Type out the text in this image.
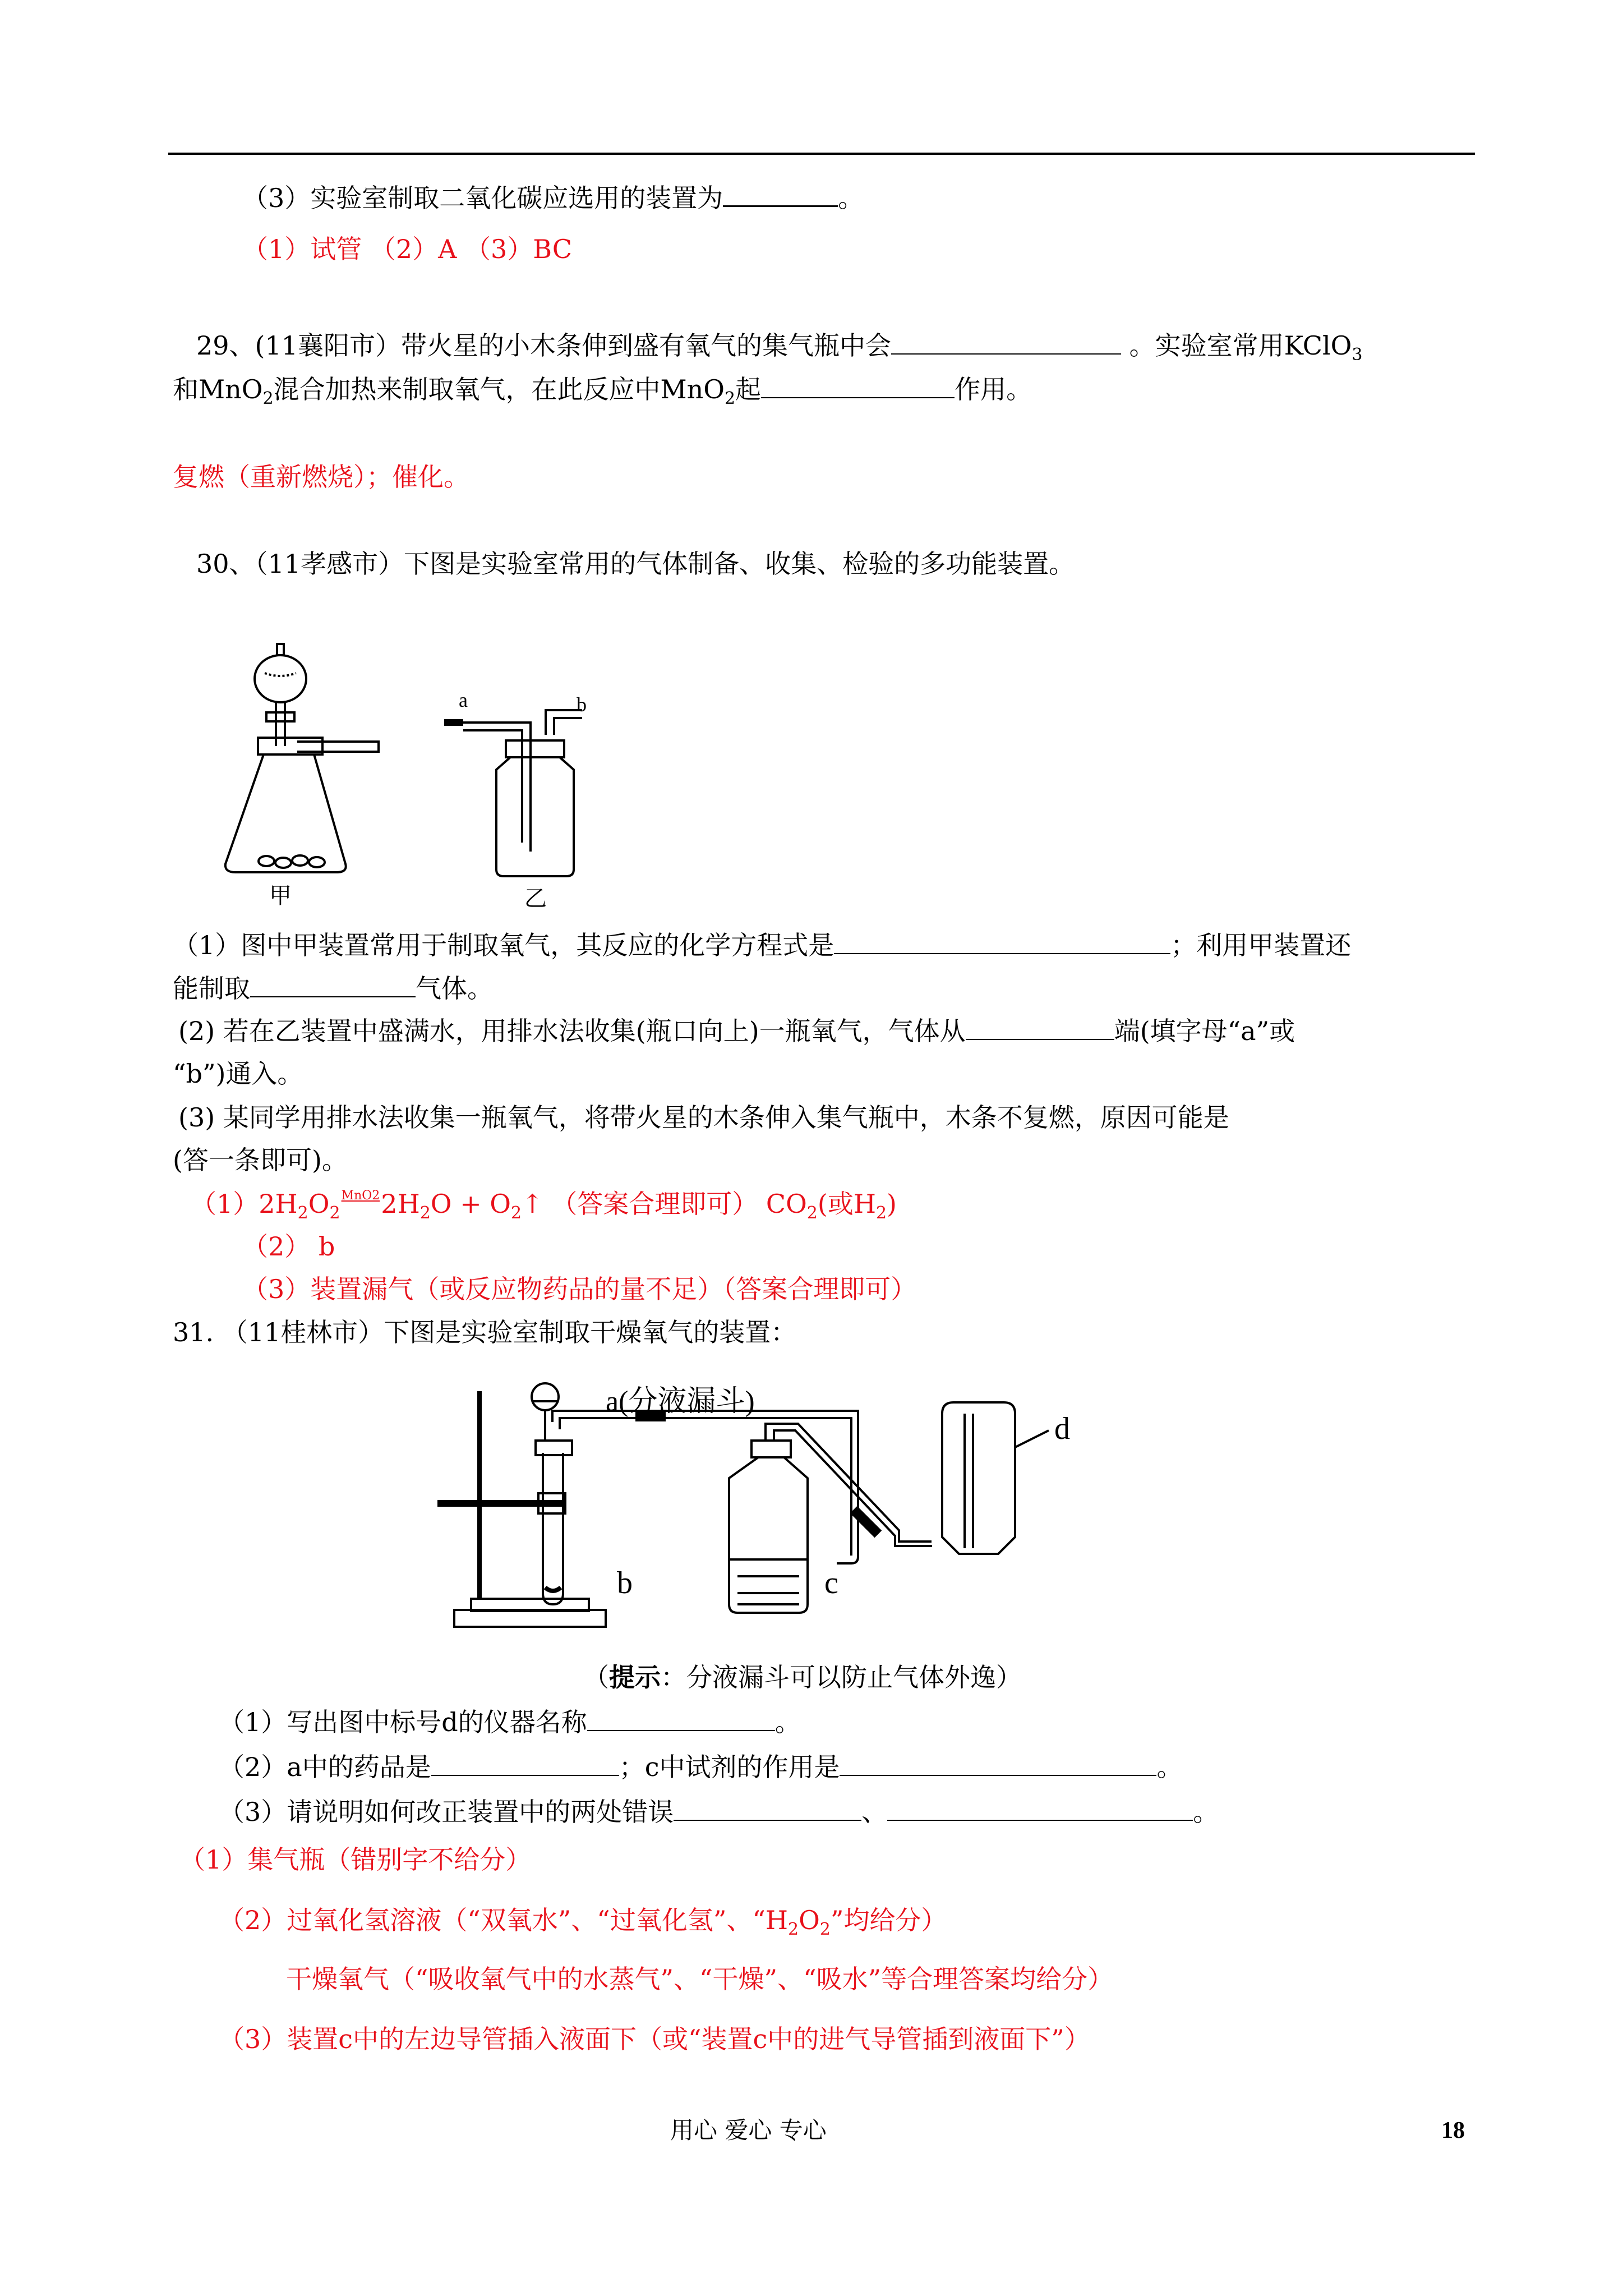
（3）实验室制取二氧化碳应选用的装置为	。
（1）试管 （2）A （3）BC
29、(11襄阳市）带火星的小木条伸到盛有氧气的集气瓶中会	。实验室常用KClO$_3$
和MnO$_2$混合加热来制取氧气，在此反应中MnO$_2$起	作用。
复燃（重新燃烧）；催化。
30、（11孝感市）下图是实验室常用的气体制备、收集、检验的多功能装置。
甲
a	b
乙
（1）图中甲装置常用于制取氧气，其反应的化学方程式是	；利用甲装置还
能制取	气体。
(2) 若在乙装置中盛满水，用排水法收集(瓶口向上)一瓶氧气，气体从	端(填字母“a”或
“b”)通入。
(3) 某同学用排水法收集一瓶氧气，将带火星的木条伸入集气瓶中，木条不复燃，原因可能是
(答一条即可)。
$(1)2H_2O_2MnO22H_2O$ + $O_2↑$ （答案合理即可） $CO_2$(或$H_2$)
（2） b
（3）装置漏气（或反应物药品的量不足）（答案合理即可）
31. （11桂林市）下图是实验室制取干燥氧气的装置：
a(分液漏斗)
b	c
d
（提示：分液漏斗可以防止气体外逸）
（1）写出图中标号d的仪器名称	。
（2）a中的药品是	；c中试剂的作用是	。
（3）请说明如何改正装置中的两处错误	、	。
（1）集气瓶（错别字不给分）
（2）过氧化氢溶液（“双氧水”、“过氧化氢”、“$H_2O_2$”均给分）
干燥氧气（“吸收氧气中的水蒸气”、“干燥”、“吸水”等合理答案均给分）
（3）装置c中的左边导管插入液面下（或“装置c中的进气导管插到液面下”）
用心 爱心 专心	18
